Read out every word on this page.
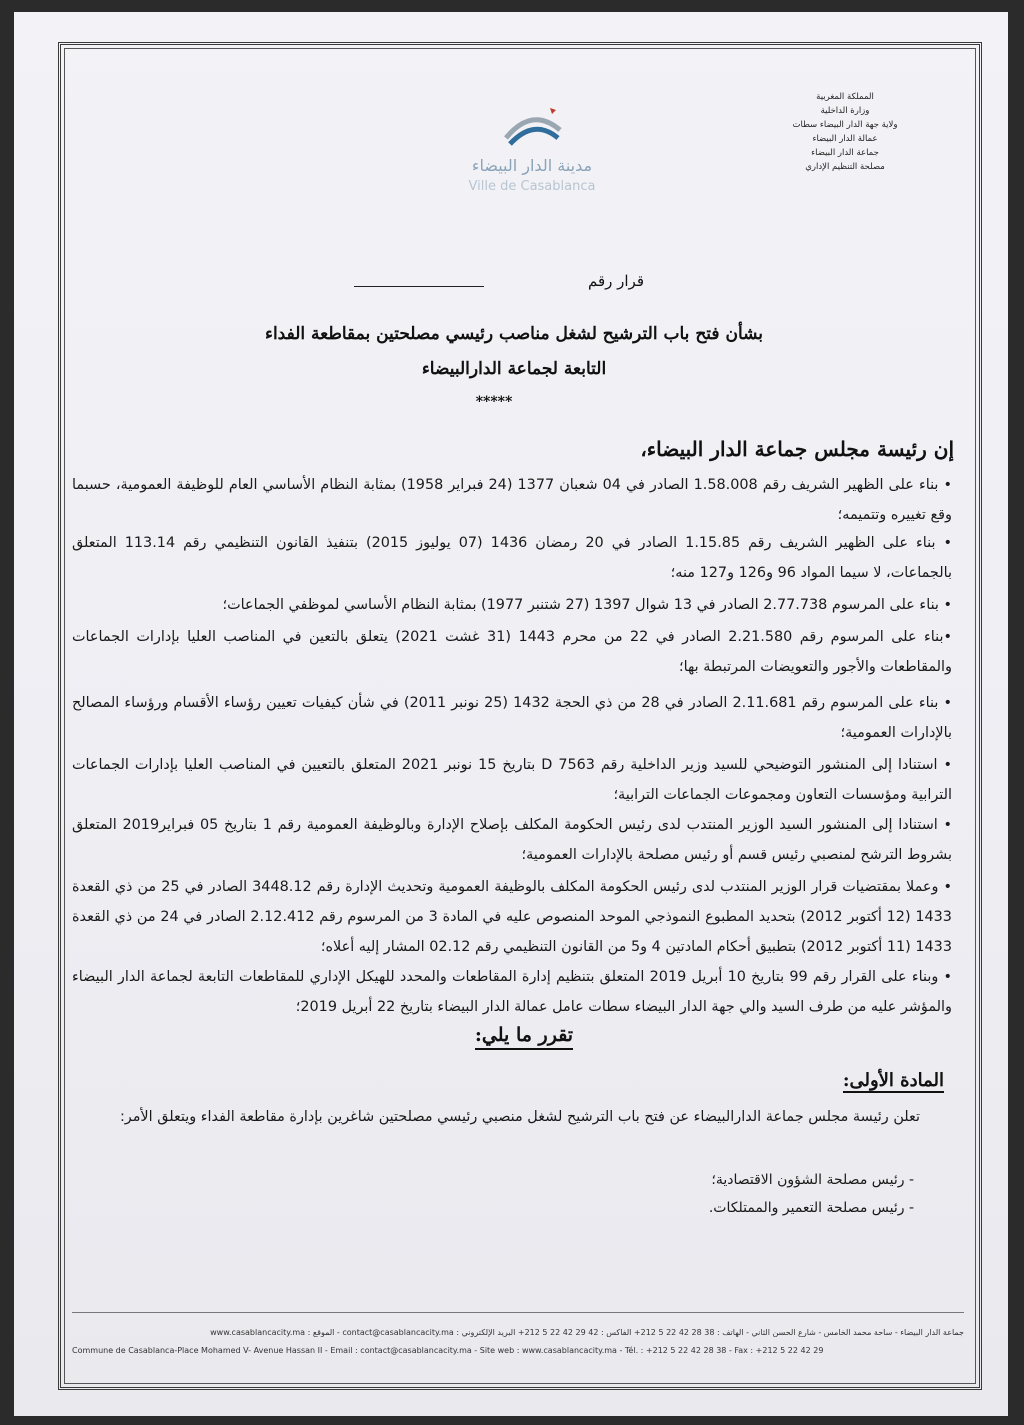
مدينة الدار البيضاء
Ville de Casablanca
المملكة المغربية
وزارة الداخلية
ولاية جهة الدار البيضاء سطات
عمالة الدار البيضاء
جماعة الدار البيضاء
مصلحة التنظيم الإداري
قرار رقم
بشأن فتح باب الترشيح لشغل مناصب رئيسي مصلحتين بمقاطعة الفداء
التابعة لجماعة الدارالبيضاء
*****
إن رئيسة مجلس جماعة الدار البيضاء،

• بناء على الظهير الشريف رقم 1.58.008 الصادر في 04 شعبان 1377 (24 فبراير 1958) بمثابة النظام الأساسي العام للوظيفة العمومية، حسبما وقع تغييره وتتميمه؛

• بناء على الظهير الشريف رقم 1.15.85 الصادر في 20 رمضان 1436 (07 يوليوز 2015) بتنفيذ القانون التنظيمي رقم 113.14 المتعلق بالجماعات، لا سيما المواد 96 و126 و127 منه؛

• بناء على المرسوم 2.77.738 الصادر في 13 شوال 1397 (27 شتنبر 1977) بمثابة النظام الأساسي لموظفي الجماعات؛

•بناء على المرسوم رقم 2.21.580 الصادر في 22 من محرم 1443 (31 غشت 2021) يتعلق بالتعين في المناصب العليا بإدارات الجماعات والمقاطعات والأجور والتعويضات المرتبطة بها؛

• بناء على المرسوم رقم 2.11.681 الصادر في 28 من ذي الحجة 1432 (25 نونبر 2011) في شأن كيفيات تعيين رؤساء الأقسام ورؤساء المصالح بالإدارات العمومية؛

• استنادا إلى المنشور التوضيحي للسيد وزير الداخلية رقم 7563 D بتاريخ 15 نونبر 2021 المتعلق بالتعيين في المناصب العليا بإدارات الجماعات الترابية ومؤسسات التعاون ومجموعات الجماعات الترابية؛

• استنادا إلى المنشور السيد الوزير المنتدب لدى رئيس الحكومة المكلف بإصلاح الإدارة وبالوظيفة العمومية رقم 1 بتاريخ 05 فبراير2019 المتعلق بشروط الترشح لمنصبي رئيس قسم أو رئيس مصلحة بالإدارات العمومية؛

• وعملا بمقتضيات قرار الوزير المنتدب لدى رئيس الحكومة المكلف بالوظيفة العمومية وتحديث الإدارة رقم 3448.12 الصادر في 25 من ذي القعدة 1433 (12 أكتوبر 2012) بتحديد المطبوع النموذجي الموحد المنصوص عليه في المادة 3 من المرسوم رقم 2.12.412 الصادر في 24 من ذي القعدة 1433 (11 أكتوبر 2012) بتطبيق أحكام المادتين 4 و5 من القانون التنظيمي رقم 02.12 المشار إليه أعلاه؛

• وبناء على القرار رقم 99 بتاريخ 10 أبريل 2019 المتعلق بتنظيم إدارة المقاطعات والمحدد للهيكل الإداري للمقاطعات التابعة لجماعة الدار البيضاء والمؤشر عليه من طرف السيد والي جهة الدار البيضاء سطات عامل عمالة الدار البيضاء بتاريخ 22 أبريل 2019؛

تقرر ما يلي:
المادة الأولى:

تعلن رئيسة مجلس جماعة الدارالبيضاء عن فتح باب الترشيح لشغل منصبي رئيسي مصلحتين شاغرين بإدارة مقاطعة الفداء ويتعلق الأمر:

- رئيس مصلحة الشؤون الاقتصادية؛
- رئيس مصلحة التعمير والممتلكات.
جماعة الدار البيضاء - ساحة محمد الخامس - شارع الحسن الثاني - الهاتف : 38 28 42 22 5 212+ الفاكس : 42 29 42 22 5 212+ البريد الإلكتروني : contact@casablancacity.ma - الموقع : www.casablancacity.ma
Commune de Casablanca-Place Mohamed V- Avenue Hassan II - Email : contact@casablancacity.ma - Site web : www.casablancacity.ma - Tél. : +212 5 22 42 28 38 - Fax : +212 5 22 42 29
